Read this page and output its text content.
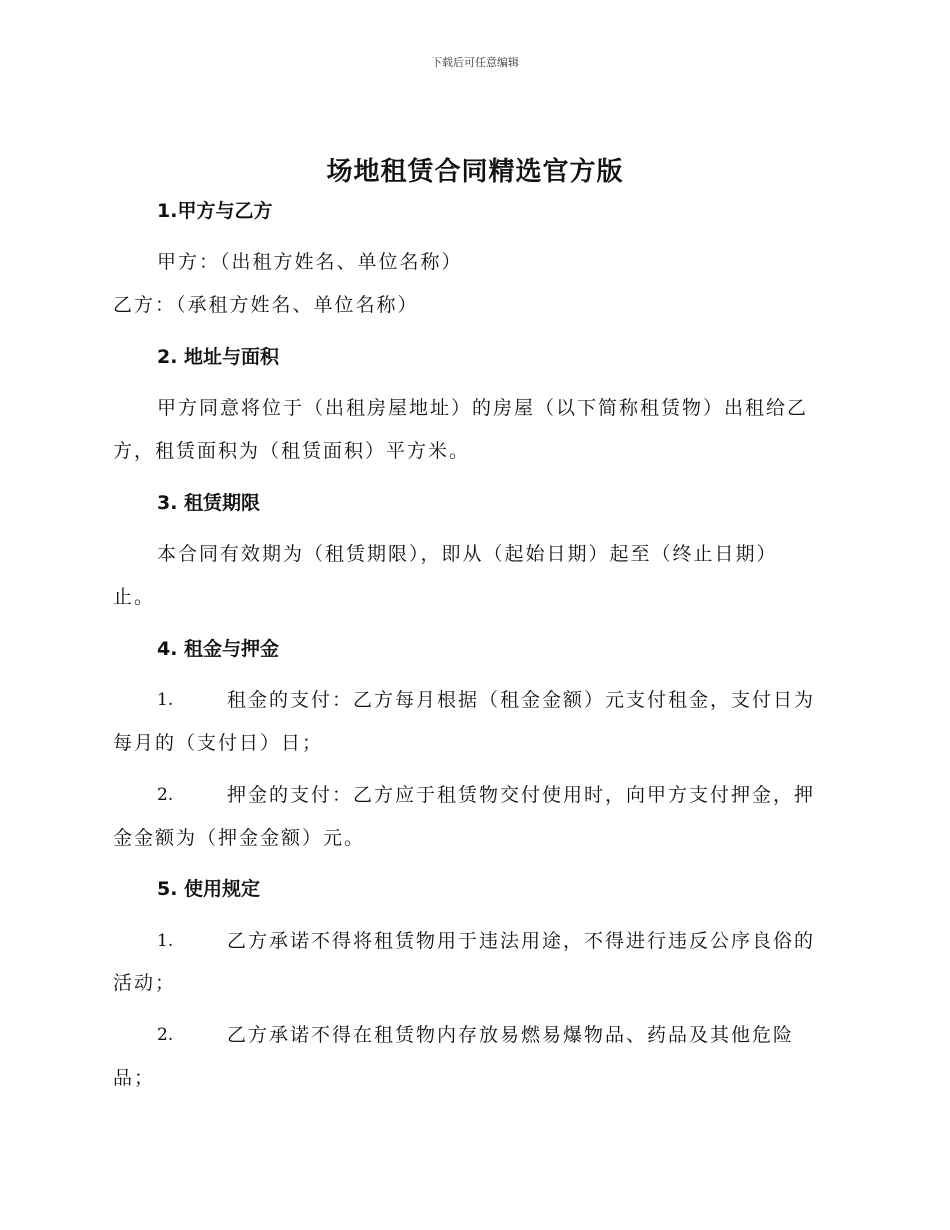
下载后可任意编辑
场地租赁合同精选官方版
1.甲方与乙方
甲方：（出租方姓名、单位名称）
乙方：（承租方姓名、单位名称）
2. 地址与面积
甲方同意将位于（出租房屋地址）的房屋（以下简称租赁物）出租给乙
方，租赁面积为（租赁面积）平方米。
3. 租赁期限
本合同有效期为（租赁期限），即从（起始日期）起至（终止日期）
止。
4. 租金与押金
1.	租金的支付：乙方每月根据（租金金额）元支付租金，支付日为
每月的（支付日）日；
2.	押金的支付：乙方应于租赁物交付使用时，向甲方支付押金，押
金金额为（押金金额）元。
5. 使用规定
1.	乙方承诺不得将租赁物用于违法用途，不得进行违反公序良俗的
活动；
2.	乙方承诺不得在租赁物内存放易燃易爆物品、药品及其他危险
品；
